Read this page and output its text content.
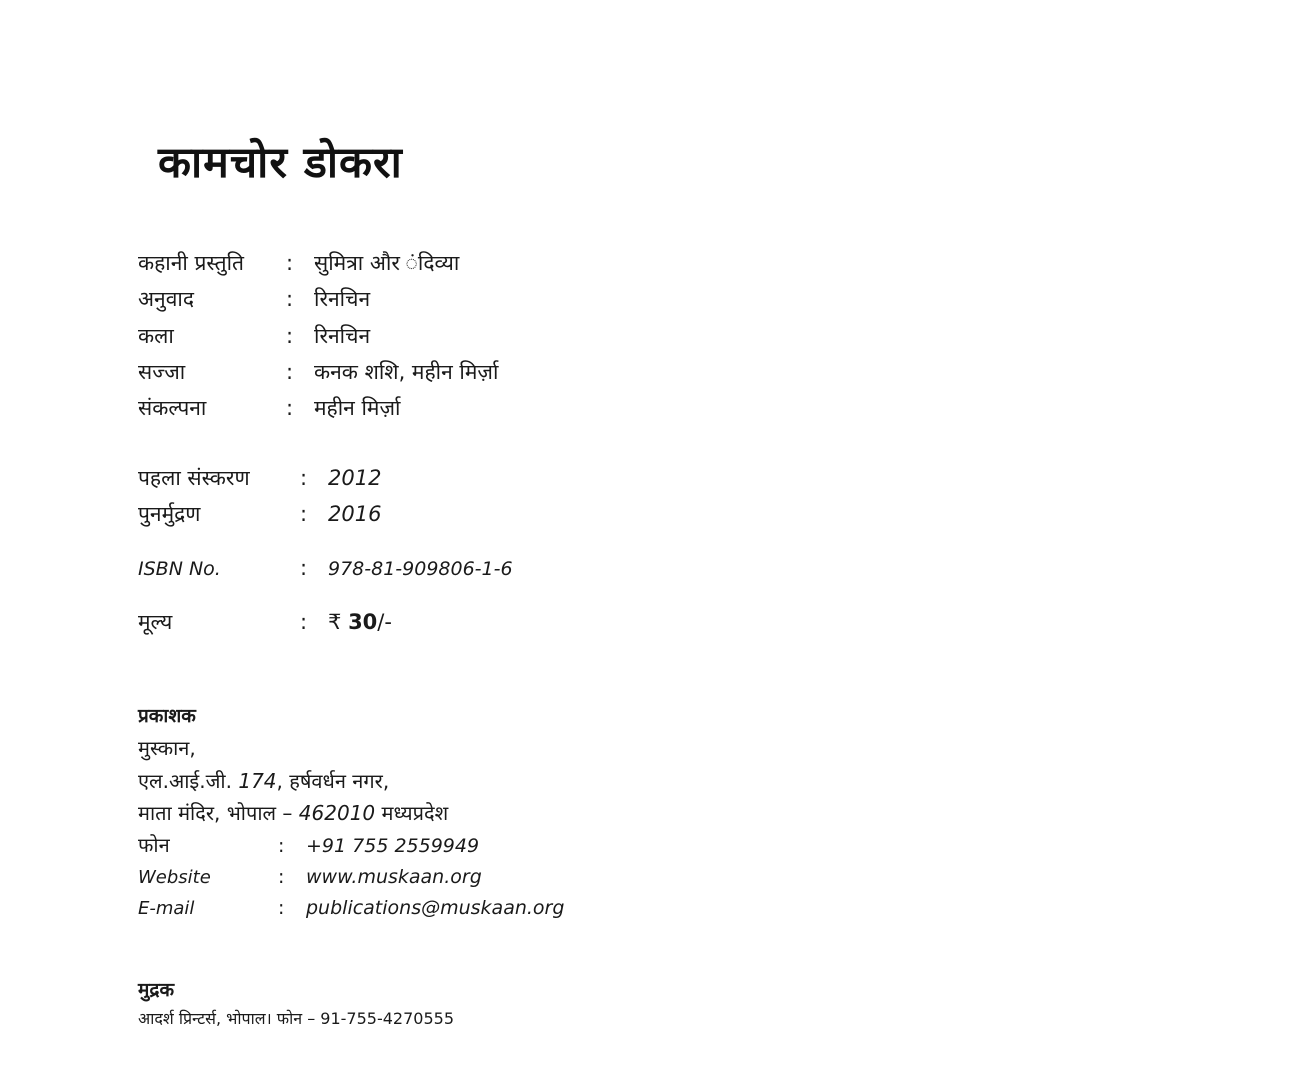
कामचोर डोकरा
कहानी प्रस्तुति	: सुमित्रा और ंदिव्या
अनुवाद	: रिनचिन
कला	: रिनचिन
सज्जा	: कनक शशि, महीन मिर्ज़ा
संकल्पना	: महीन मिर्ज़ा
पहला संस्करण	: 2012
पुनर्मुद्रण	: 2016
ISBN No.	:	978-81-909806-1-6
मूल्य	: ₹ 30/-
प्रकाशक
मुस्कान,
एल.आई.जी. 174, हर्षवर्धन नगर,
माता मंदिर, भोपाल – 462010 मध्यप्रदेश
फोन	:	+91 755 2559949
Website	:	www.muskaan.org
E-mail	:	publications@muskaan.org
मुद्रक
आदर्श प्रिन्टर्स, भोपाल। फोन – 91-755-4270555
